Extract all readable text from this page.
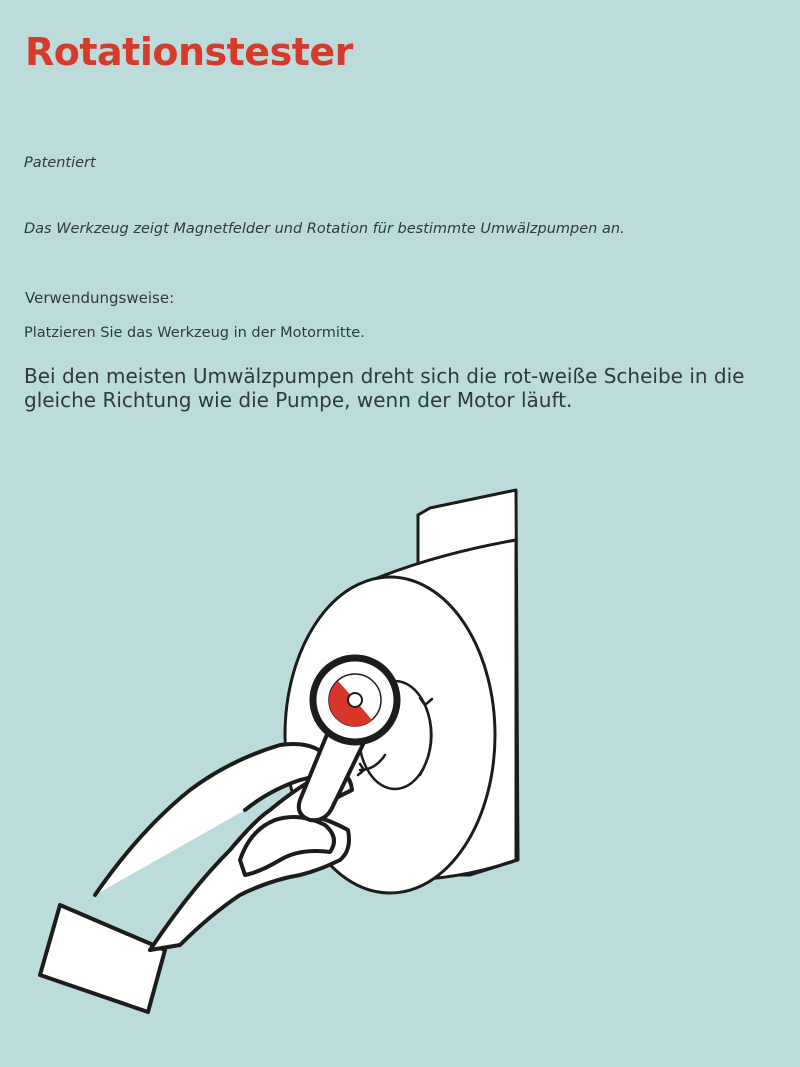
Rotationstester

Patentiert

Das Werkzeug zeigt Magnetfelder und Rotation für bestimmte Umwälzpumpen an.

Verwendungsweise:

Platzieren Sie das Werkzeug in der Motormitte.

Bei den meisten Umwälzpumpen dreht sich die rot-weiße Scheibe in die gleiche Richtung wie die Pumpe, wenn der Motor läuft.
